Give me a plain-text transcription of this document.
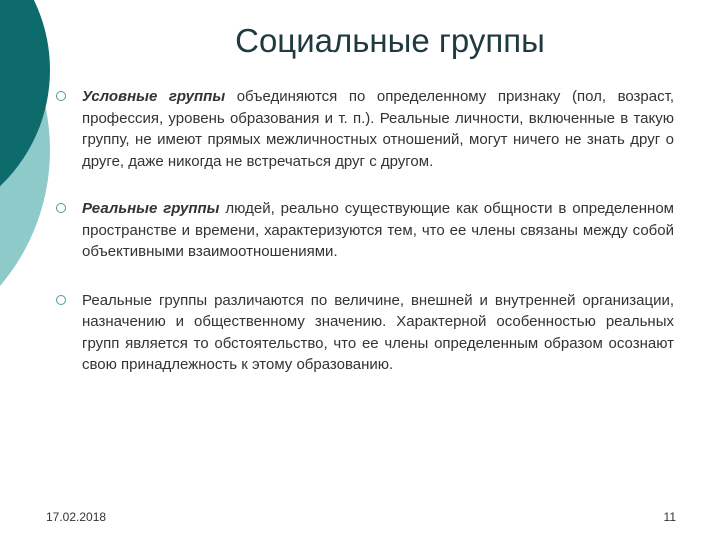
Социальные группы
Условные группы объединяются по определенному признаку (пол, возраст, профессия, уровень образования и т. п.). Реальные личности, включенные в такую группу, не имеют прямых межличностных отношений, могут ничего не знать друг о друге, даже никогда не встречаться друг с другом.
Реальные группы людей, реально существующие как общности в определенном пространстве и времени, характеризуются тем, что ее члены связаны между собой объективными взаимоотношениями.
Реальные группы различаются по величине, внешней и внутренней организации, назначению и общественному значению. Характерной особенностью реальных групп является то обстоятельство, что ее члены определенным образом осознают свою принадлежность к этому образованию.
17.02.2018	11
